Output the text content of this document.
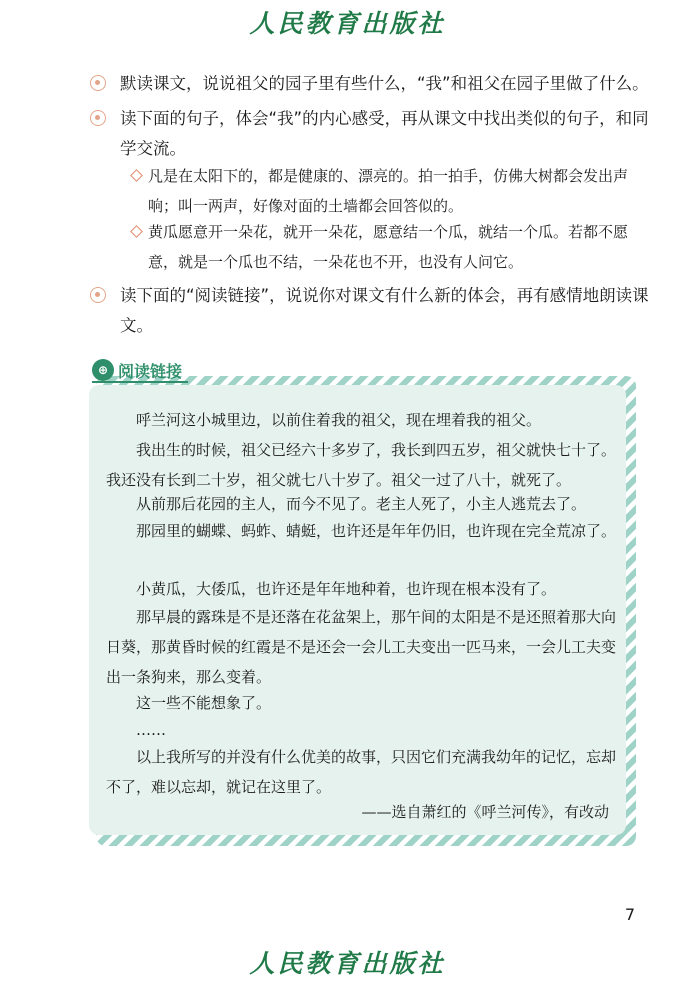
人民教育出版社
默读课文，说说祖父的园子里有些什么，“我”和祖父在园子里做了什么。
读下面的句子，体会“我”的内心感受，再从课文中找出类似的句子，和同学交流。
凡是在太阳下的，都是健康的、漂亮的。拍一拍手，仿佛大树都会发出声响；叫一两声，好像对面的土墙都会回答似的。
黄瓜愿意开一朵花，就开一朵花，愿意结一个瓜，就结一个瓜。若都不愿意，就是一个瓜也不结，一朵花也不开，也没有人问它。
读下面的“阅读链接”，说说你对课文有什么新的体会，再有感情地朗读课文。
⊕ 阅读链接
呼兰河这小城里边，以前住着我的祖父，现在埋着我的祖父。
我出生的时候，祖父已经六十多岁了，我长到四五岁，祖父就快七十了。我还没有长到二十岁，祖父就七八十岁了。祖父一过了八十，就死了。
从前那后花园的主人，而今不见了。老主人死了，小主人逃荒去了。
那园里的蝴蝶、蚂蚱、蜻蜓，也许还是年年仍旧，也许现在完全荒凉了。
小黄瓜，大倭瓜，也许还是年年地种着，也许现在根本没有了。
那早晨的露珠是不是还落在花盆架上，那午间的太阳是不是还照着那大向日葵，那黄昏时候的红霞是不是还会一会儿工夫变出一匹马来，一会儿工夫变出一条狗来，那么变着。
这一些不能想象了。
……
以上我所写的并没有什么优美的故事，只因它们充满我幼年的记忆，忘却不了，难以忘却，就记在这里了。
——选自萧红的《呼兰河传》，有改动
7
人民教育出版社
